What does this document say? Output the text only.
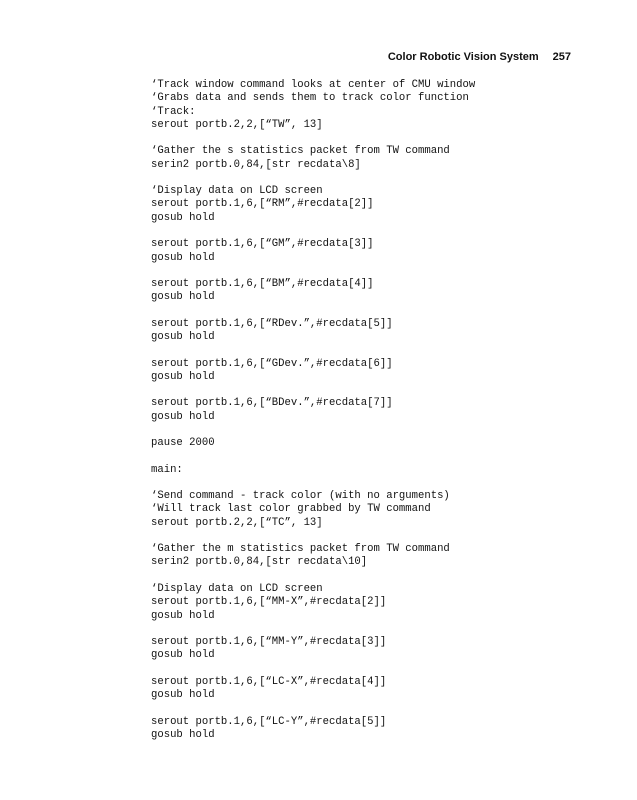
Color Robotic Vision System 257
‘Track window command looks at center of CMU window
‘Grabs data and sends them to track color function
‘Track:
serout portb.2,2,[“TW”, 13]
‘Gather the s statistics packet from TW command
serin2 portb.0,84,[str recdata\8]
‘Display data on LCD screen
serout portb.1,6,[“RM”,#recdata[2]]
gosub hold
serout portb.1,6,[“GM”,#recdata[3]]
gosub hold
serout portb.1,6,[“BM”,#recdata[4]]
gosub hold
serout portb.1,6,[“RDev.”,#recdata[5]]
gosub hold
serout portb.1,6,[“GDev.”,#recdata[6]]
gosub hold
serout portb.1,6,[“BDev.”,#recdata[7]]
gosub hold
pause 2000
main:
‘Send command - track color (with no arguments)
‘Will track last color grabbed by TW command
serout portb.2,2,[“TC”, 13]
‘Gather the m statistics packet from TW command
serin2 portb.0,84,[str recdata\10]
‘Display data on LCD screen
serout portb.1,6,[“MM-X”,#recdata[2]]
gosub hold
serout portb.1,6,[“MM-Y”,#recdata[3]]
gosub hold
serout portb.1,6,[“LC-X”,#recdata[4]]
gosub hold
serout portb.1,6,[“LC-Y”,#recdata[5]]
gosub hold
